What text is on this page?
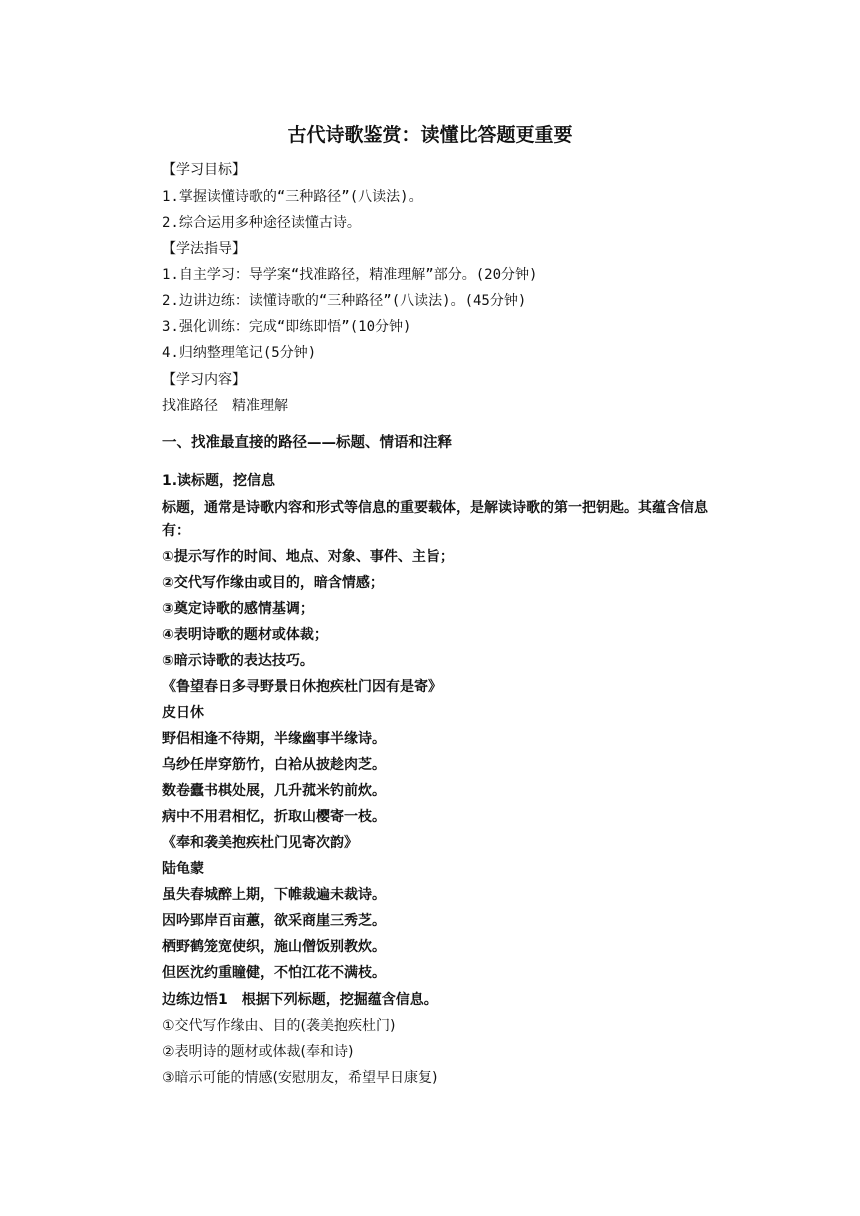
古代诗歌鉴赏：读懂比答题更重要
【学习目标】
1.掌握读懂诗歌的“三种路径”(八读法)。
2.综合运用多种途径读懂古诗。
【学法指导】
1.自主学习：导学案“找准路径，精准理解”部分。(20分钟)
2.边讲边练：读懂诗歌的“三种路径”(八读法)。(45分钟)
3.强化训练：完成“即练即悟”(10分钟)
4.归纳整理笔记(5分钟)
【学习内容】
找准路径　精准理解
一、找准最直接的路径——标题、情语和注释
1.读标题，挖信息
标题，通常是诗歌内容和形式等信息的重要载体，是解读诗歌的第一把钥匙。其蕴含信息有：
①提示写作的时间、地点、对象、事件、主旨；
②交代写作缘由或目的，暗含情感；
③奠定诗歌的感情基调；
④表明诗歌的题材或体裁；
⑤暗示诗歌的表达技巧。
《鲁望春日多寻野景日休抱疾杜门因有是寄》
皮日休
野侣相逢不待期，半缘幽事半缘诗。
乌纱任岸穿筋竹，白袷从披趁肉芝。
数卷蠹书棋处展，几升菰米钓前炊。
病中不用君相忆，折取山樱寄一枝。
《奉和袭美抱疾杜门见寄次韵》
陆龟蒙
虽失春城醉上期，下帷裁遍未裁诗。
因吟郢岸百亩蕙，欲采商崖三秀芝。
栖野鹤笼宽使织，施山僧饭别教炊。
但医沈约重瞳健，不怕江花不满枝。
边练边悟1　根据下列标题，挖掘蕴含信息。
①交代写作缘由、目的(袭美抱疾杜门)
②表明诗的题材或体裁(奉和诗)
③暗示可能的情感(安慰朋友，希望早日康复)
